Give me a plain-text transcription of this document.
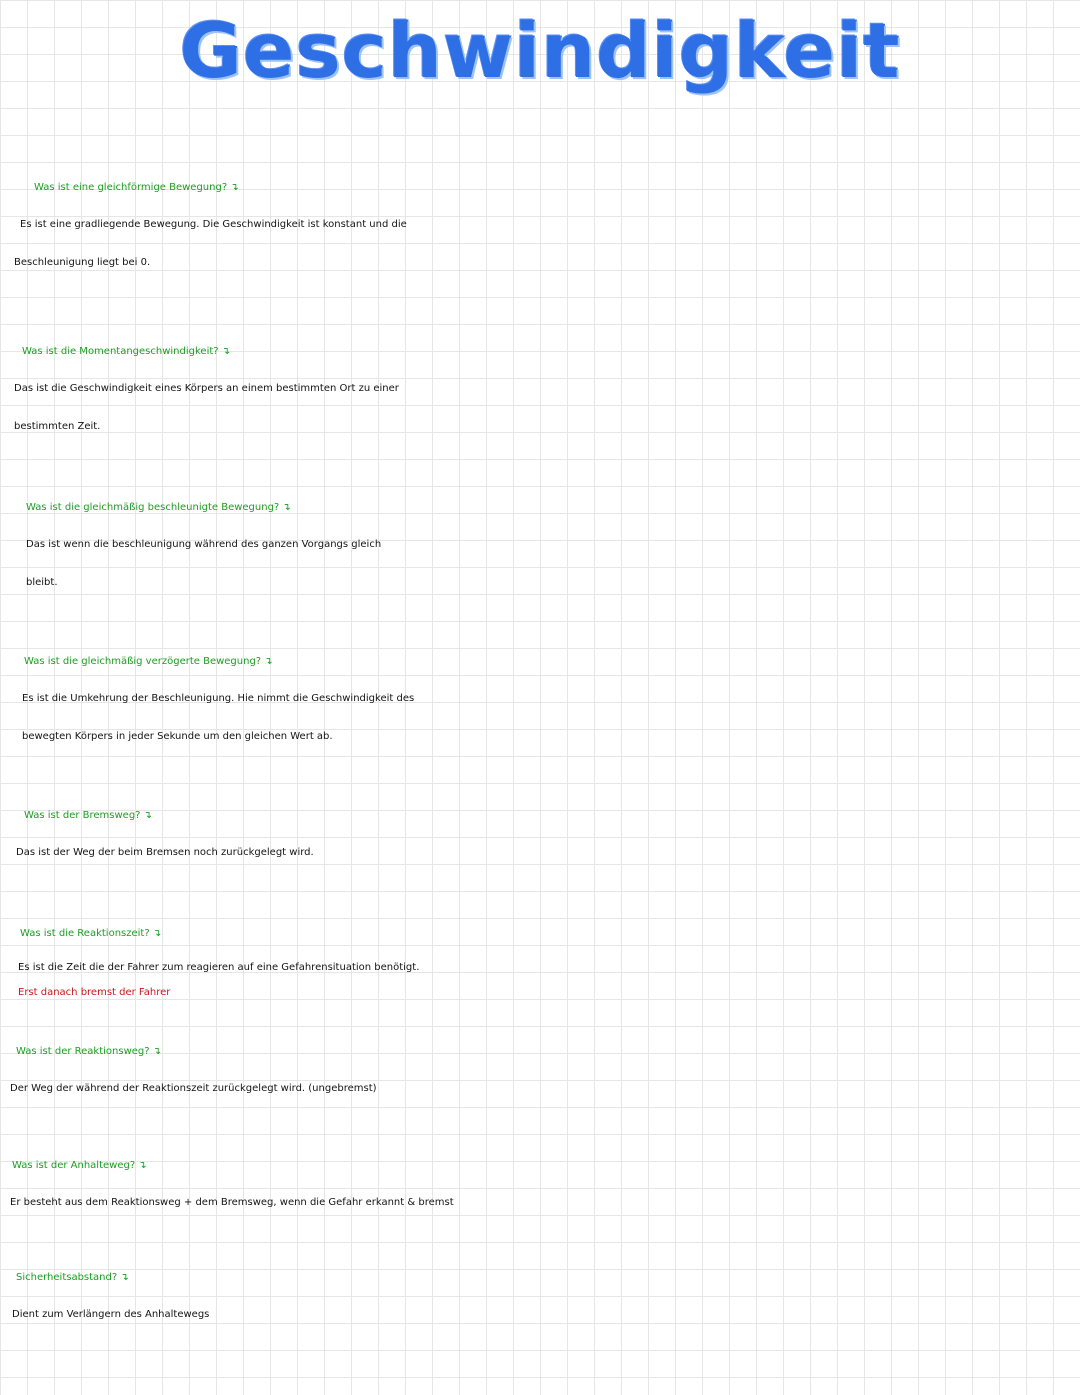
Geschwindigkeit

Was ist eine gleichförmige Bewegung? ↴

Es ist eine gradliegende Bewegung. Die Geschwindigkeit ist konstant und die

Beschleunigung liegt bei 0.

Was ist die Momentangeschwindigkeit? ↴

Das ist die Geschwindigkeit eines Körpers an einem bestimmten Ort zu einer

bestimmten Zeit.

Was ist die gleichmäßig beschleunigte Bewegung? ↴

Das ist wenn die beschleunigung während des ganzen Vorgangs gleich

bleibt.

Was ist die gleichmäßig verzögerte Bewegung? ↴

Es ist die Umkehrung der Beschleunigung. Hie nimmt die Geschwindigkeit des

bewegten Körpers in jeder Sekunde um den gleichen Wert ab.

Was ist der Bremsweg? ↴

Das ist der Weg der beim Bremsen noch zurückgelegt wird.

Was ist die Reaktionszeit? ↴

Es ist die Zeit die der Fahrer zum reagieren auf eine Gefahrensituation benötigt.

Erst danach bremst der Fahrer

Was ist der Reaktionsweg? ↴

Der Weg der während der Reaktionszeit zurückgelegt wird. (ungebremst)

Was ist der Anhalteweg? ↴

Er besteht aus dem Reaktionsweg + dem Bremsweg, wenn die Gefahr erkannt & bremst

Sicherheitsabstand? ↴

Dient zum Verlängern des Anhaltewegs
